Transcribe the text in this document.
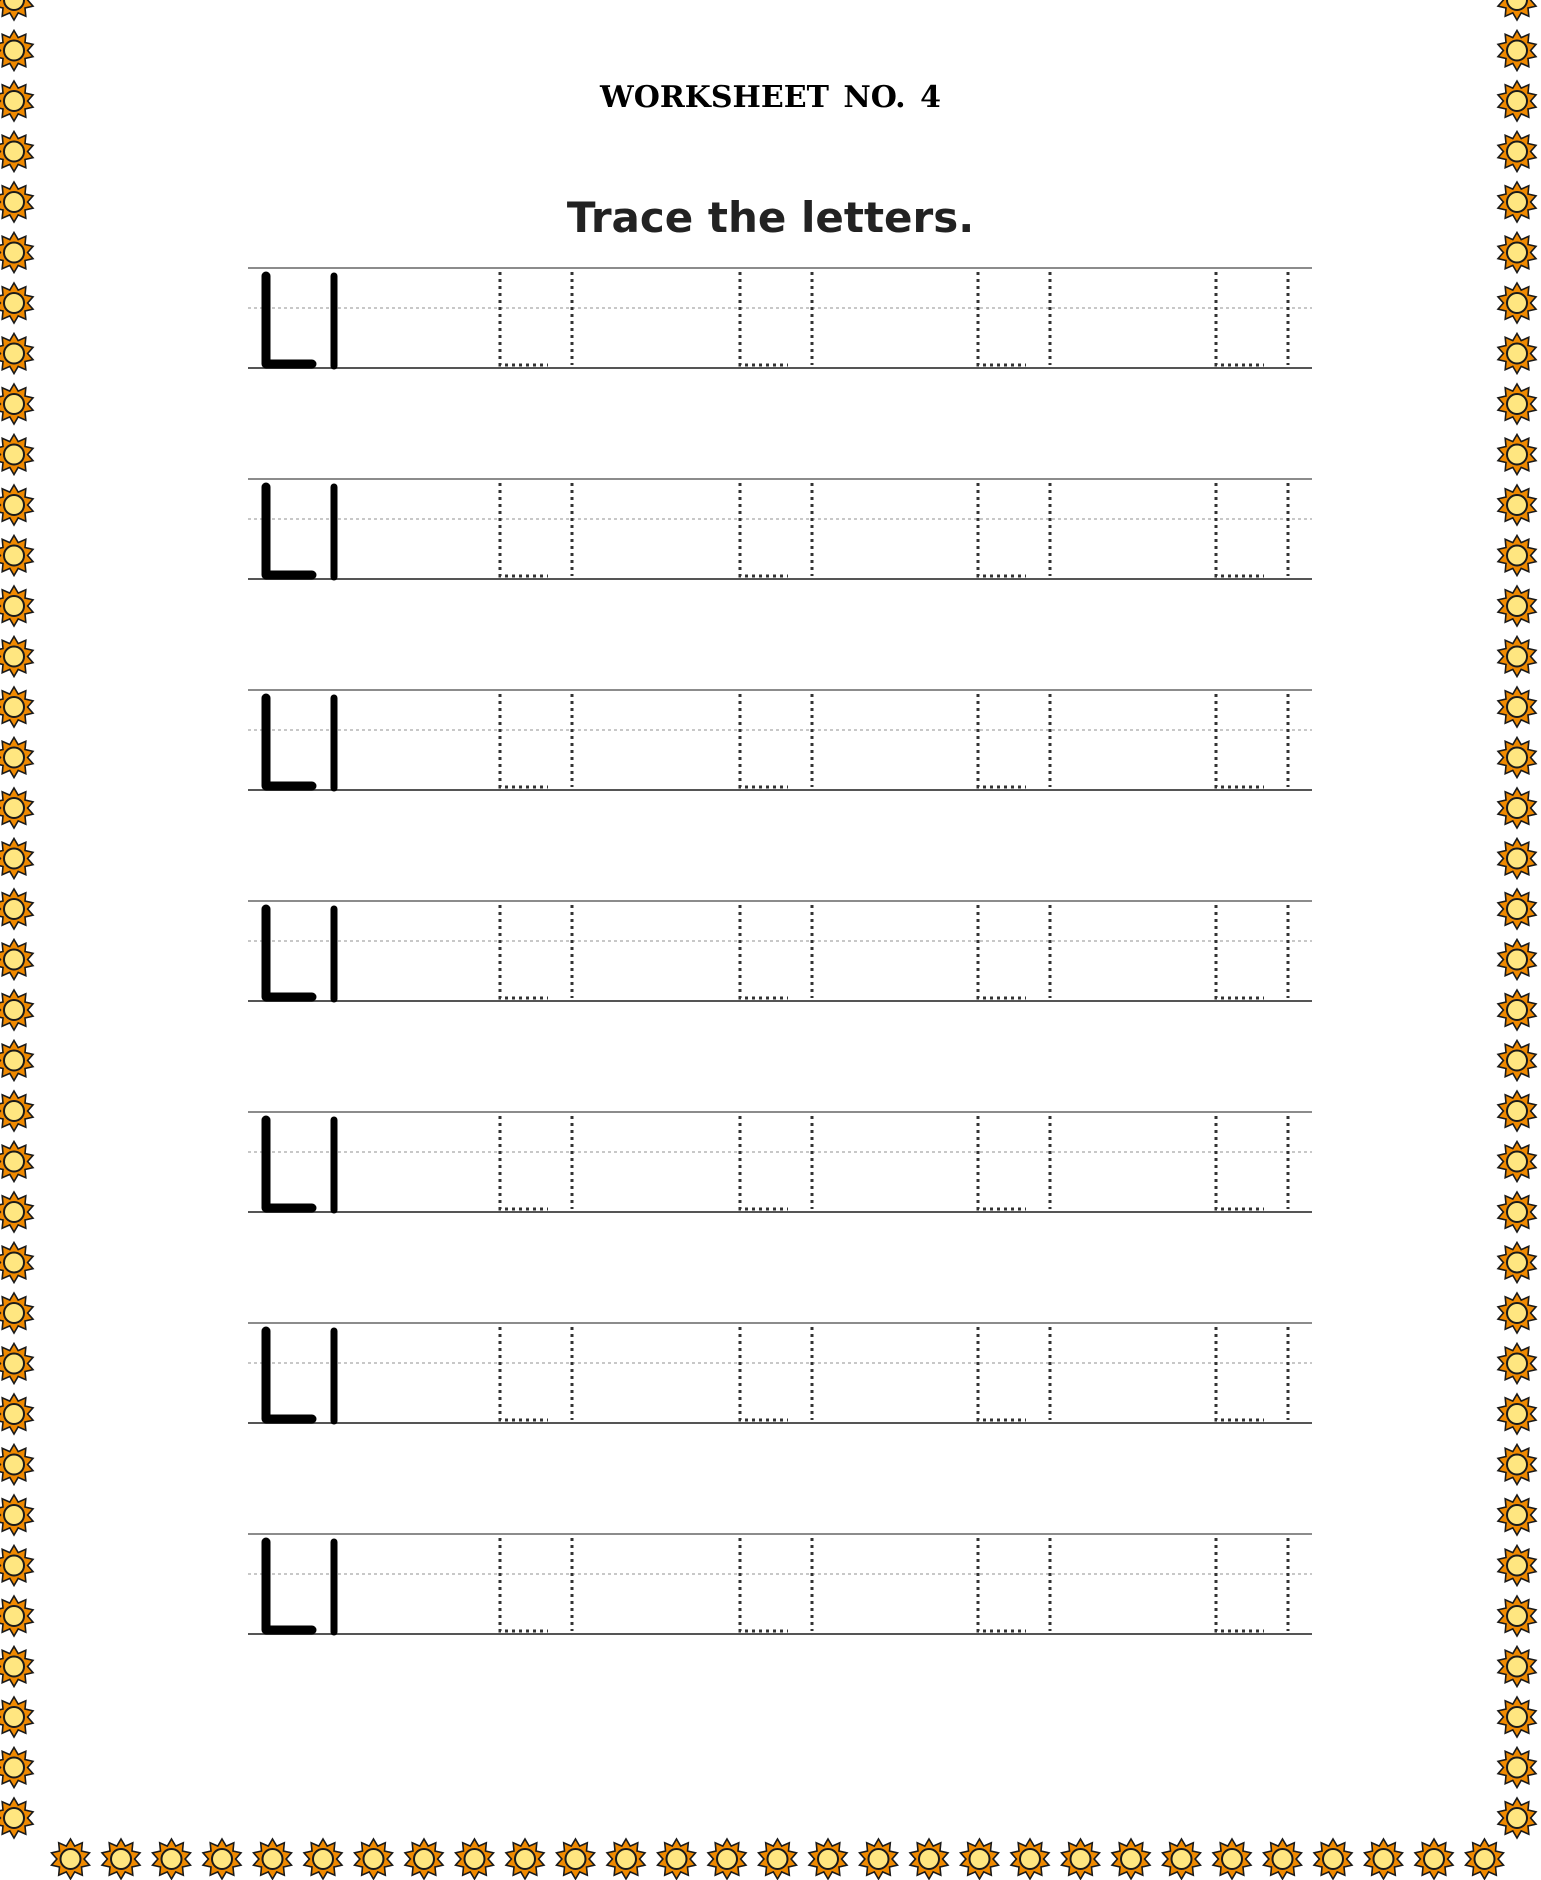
WORKSHEET NO. 4
Trace the letters.
